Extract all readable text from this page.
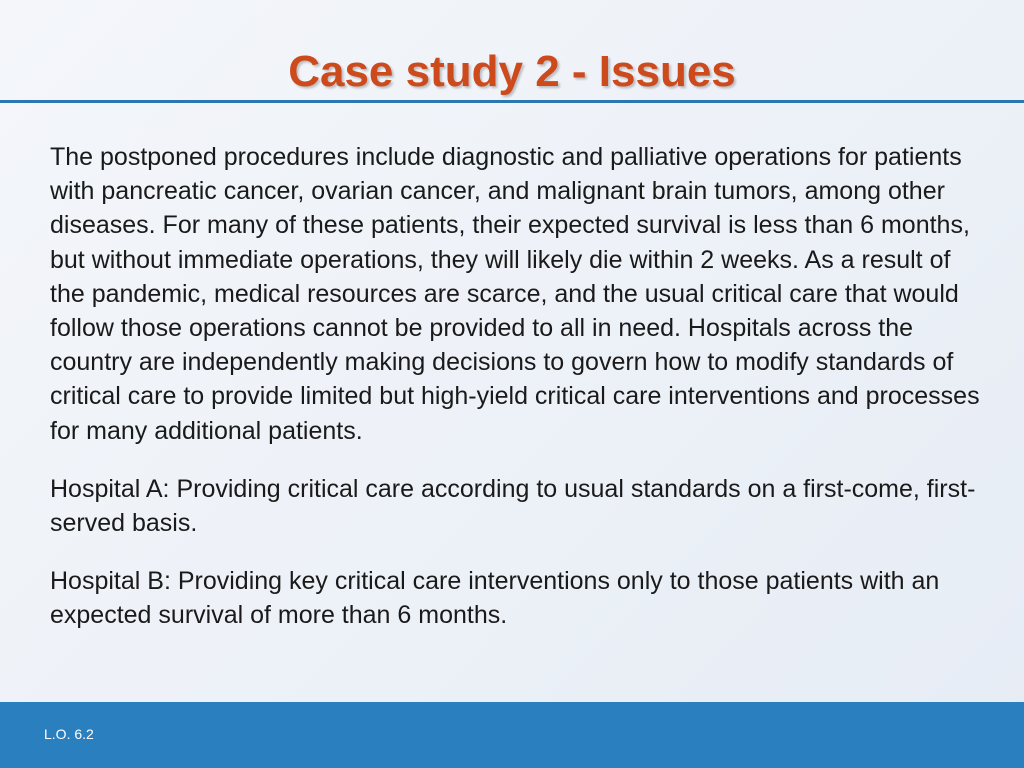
Case study 2 - Issues

The postponed procedures include diagnostic and palliative operations for patients with pancreatic cancer, ovarian cancer, and malignant brain tumors, among other diseases. For many of these patients, their expected survival is less than 6 months, but without immediate operations, they will likely die within 2 weeks. As a result of the pandemic, medical resources are scarce, and the usual critical care that would follow those operations cannot be provided to all in need. Hospitals across the country are independently making decisions to govern how to modify standards of critical care to provide limited but high-yield critical care interventions and processes for many additional patients.

Hospital A: Providing critical care according to usual standards on a first-come, first-served basis.

Hospital B: Providing key critical care interventions only to those patients with an expected survival of more than 6 months.

L.O. 6.2
